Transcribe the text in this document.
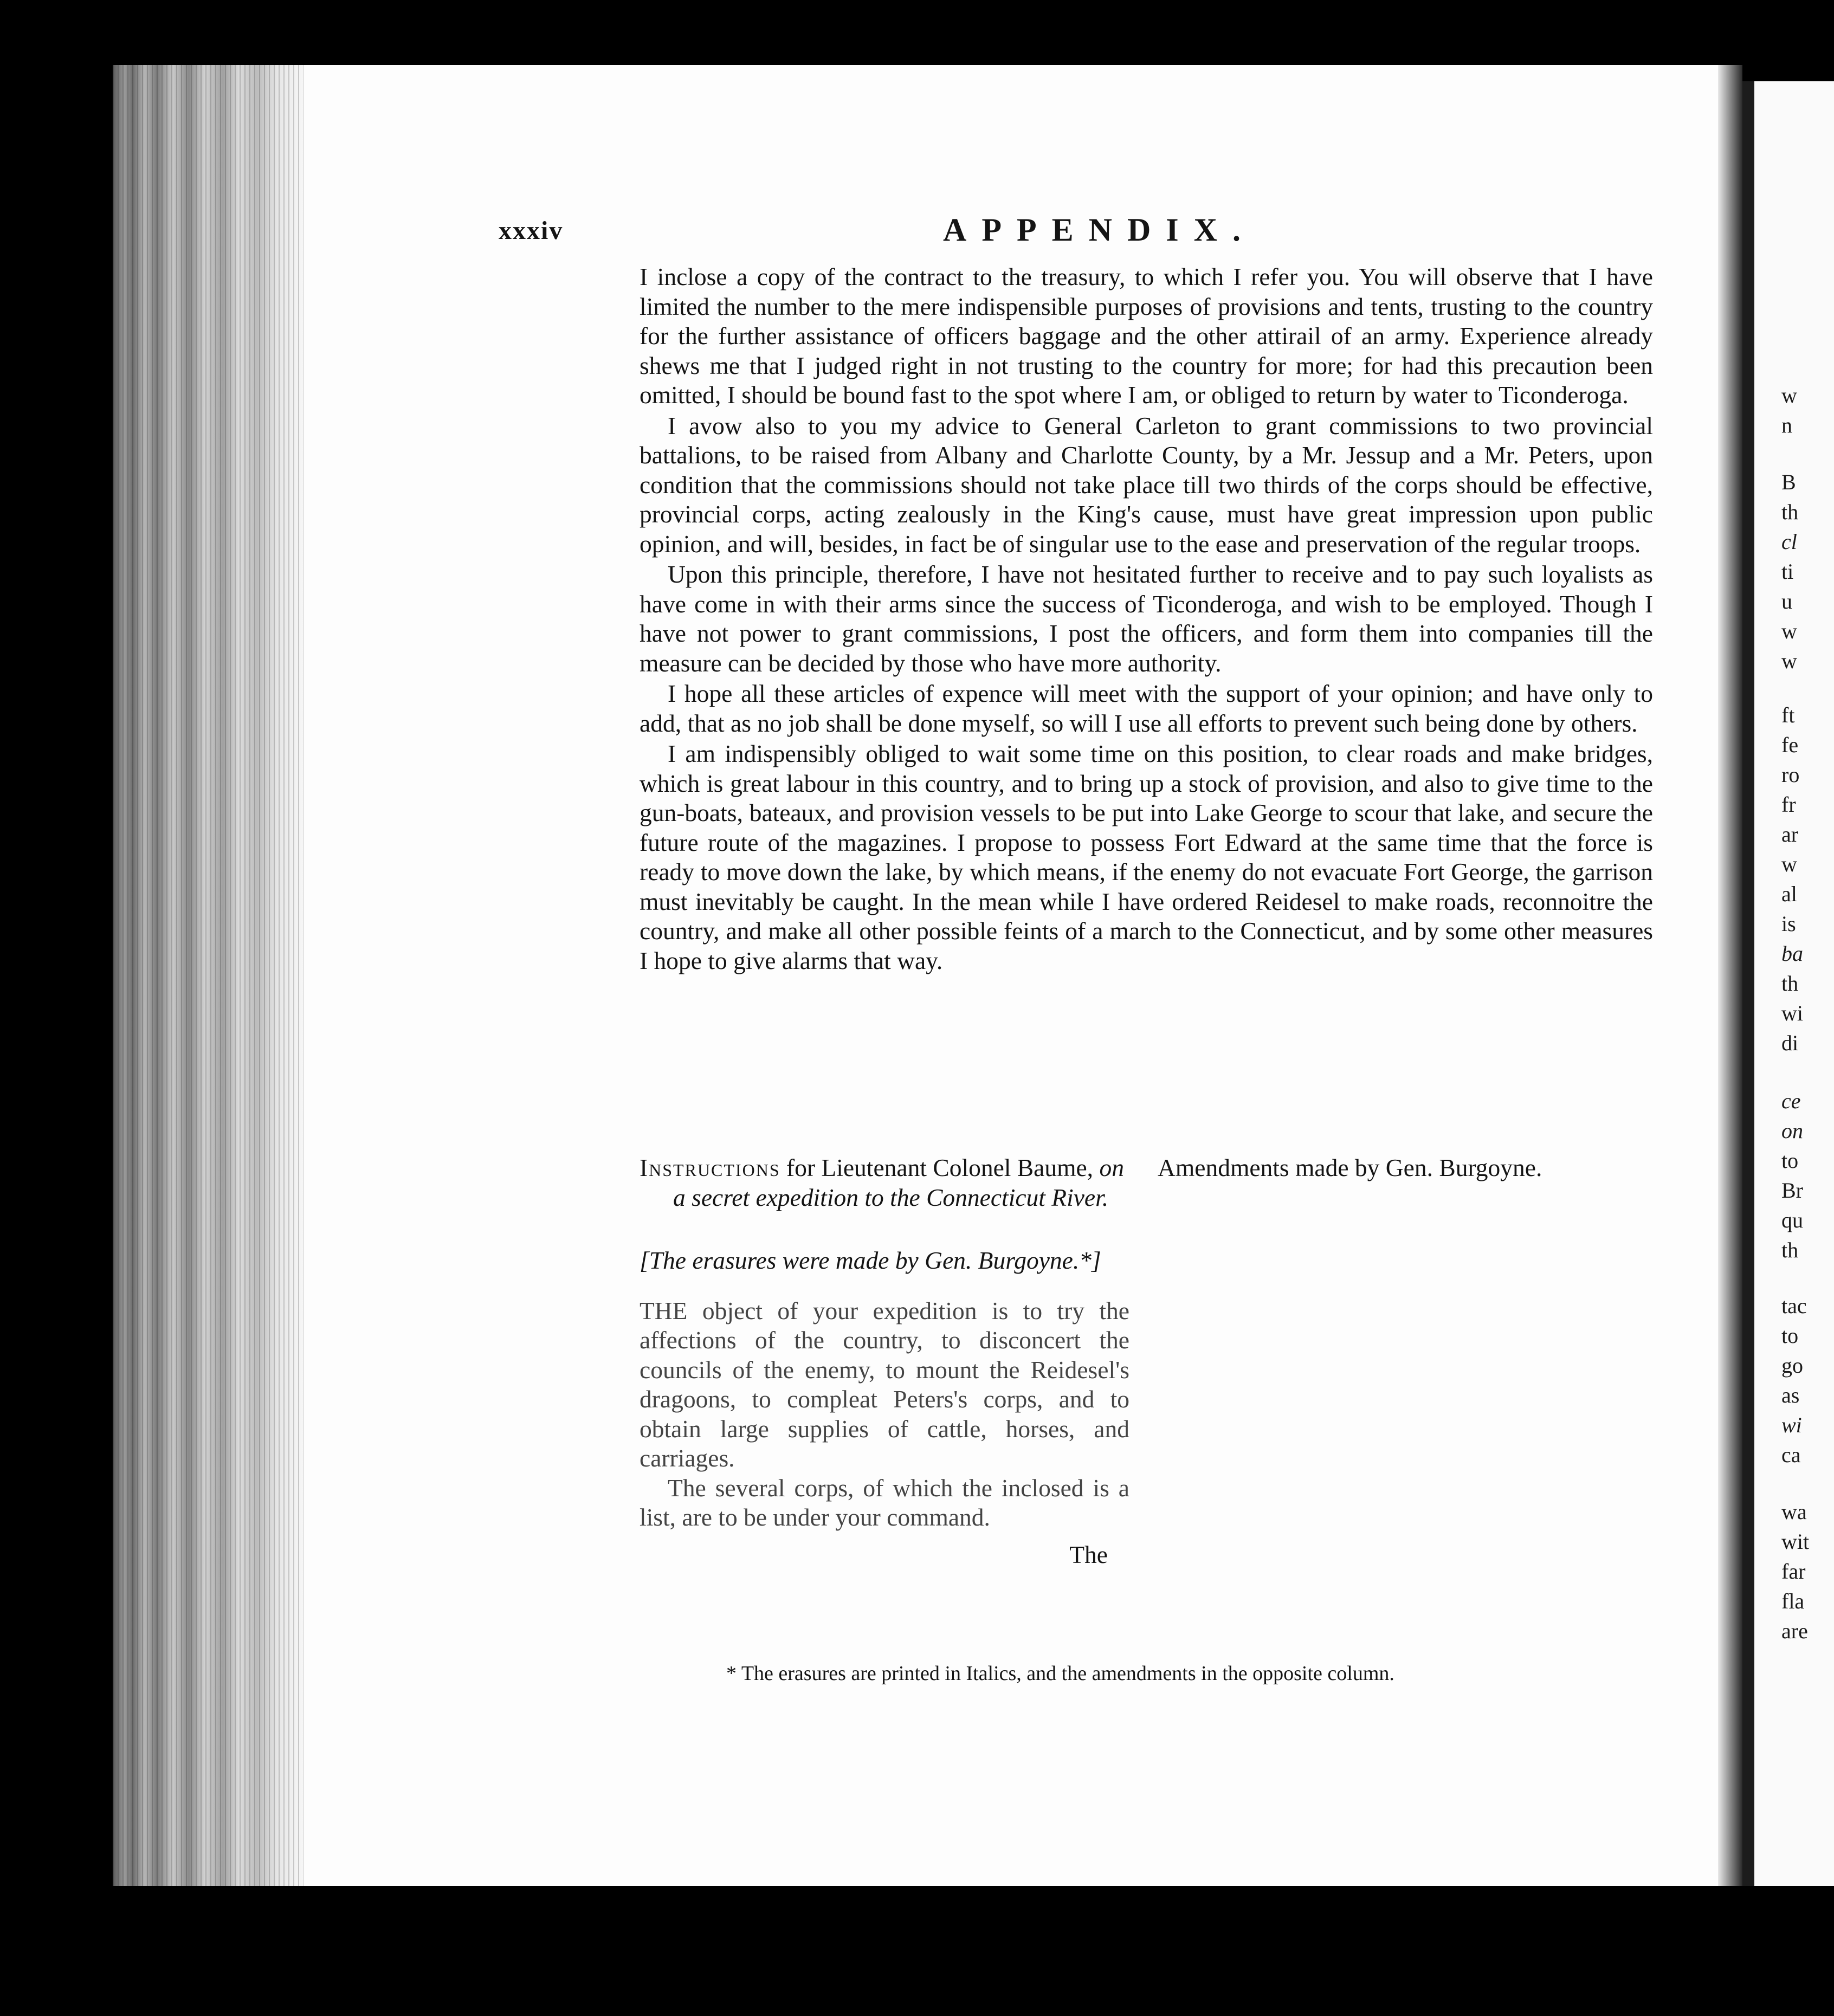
w
n
B
th
cl
ti
u
w
w
ft
fe
ro
fr
ar
w
al
is
ba
th
wi
di
ce
on
to
Br
qu
th
tac
to
go
as
wi
ca
wa
wit
far
fla
are
xxxiv	APPENDIX.

I inclose a copy of the contract to the treasury, to which I refer you. You will observe that I have limited the number to the mere indispensible purposes of provisions and tents, trusting to the country for the further assistance of officers baggage and the other attirail of an army. Experience already shews me that I judged right in not trusting to the country for more; for had this precaution been omitted, I should be bound fast to the spot where I am, or obliged to return by water to Ticonderoga.

I avow also to you my advice to General Carleton to grant commissions to two provincial battalions, to be raised from Albany and Charlotte County, by a Mr. Jessup and a Mr. Peters, upon condition that the commissions should not take place till two thirds of the corps should be effective, provincial corps, acting zealously in the King's cause, must have great impression upon public opinion, and will, besides, in fact be of singular use to the ease and preservation of the regular troops.

Upon this principle, therefore, I have not hesitated further to receive and to pay such loyalists as have come in with their arms since the success of Ticonderoga, and wish to be employed. Though I have not power to grant commissions, I post the officers, and form them into companies till the measure can be decided by those who have more authority.

I hope all these articles of expence will meet with the support of your opinion; and have only to add, that as no job shall be done myself, so will I use all efforts to prevent such being done by others.

I am indispensibly obliged to wait some time on this position, to clear roads and make bridges, which is great labour in this country, and to bring up a stock of provision, and also to give time to the gun-boats, bateaux, and provision vessels to be put into Lake George to scour that lake, and secure the future route of the magazines. I propose to possess Fort Edward at the same time that the force is ready to move down the lake, by which means, if the enemy do not evacuate Fort George, the garrison must inevitably be caught. In the mean while I have ordered Reidesel to make roads, reconnoitre the country, and make all other possible feints of a march to the Connecticut, and by some other measures I hope to give alarms that way.

Instructions for Lieutenant Colonel Baume, on a secret expedition to the Connecticut River.
[The erasures were made by Gen. Burgoyne.*]

THE object of your expedition is to try the affections of the country, to disconcert the councils of the enemy, to mount the Reidesel's dragoons, to compleat Peters's corps, and to obtain large supplies of cattle, horses, and carriages.

The several corps, of which the inclosed is a list, are to be under your command.

The
Amendments made by Gen. Burgoyne.
* The erasures are printed in Italics, and the amendments in the opposite column.
